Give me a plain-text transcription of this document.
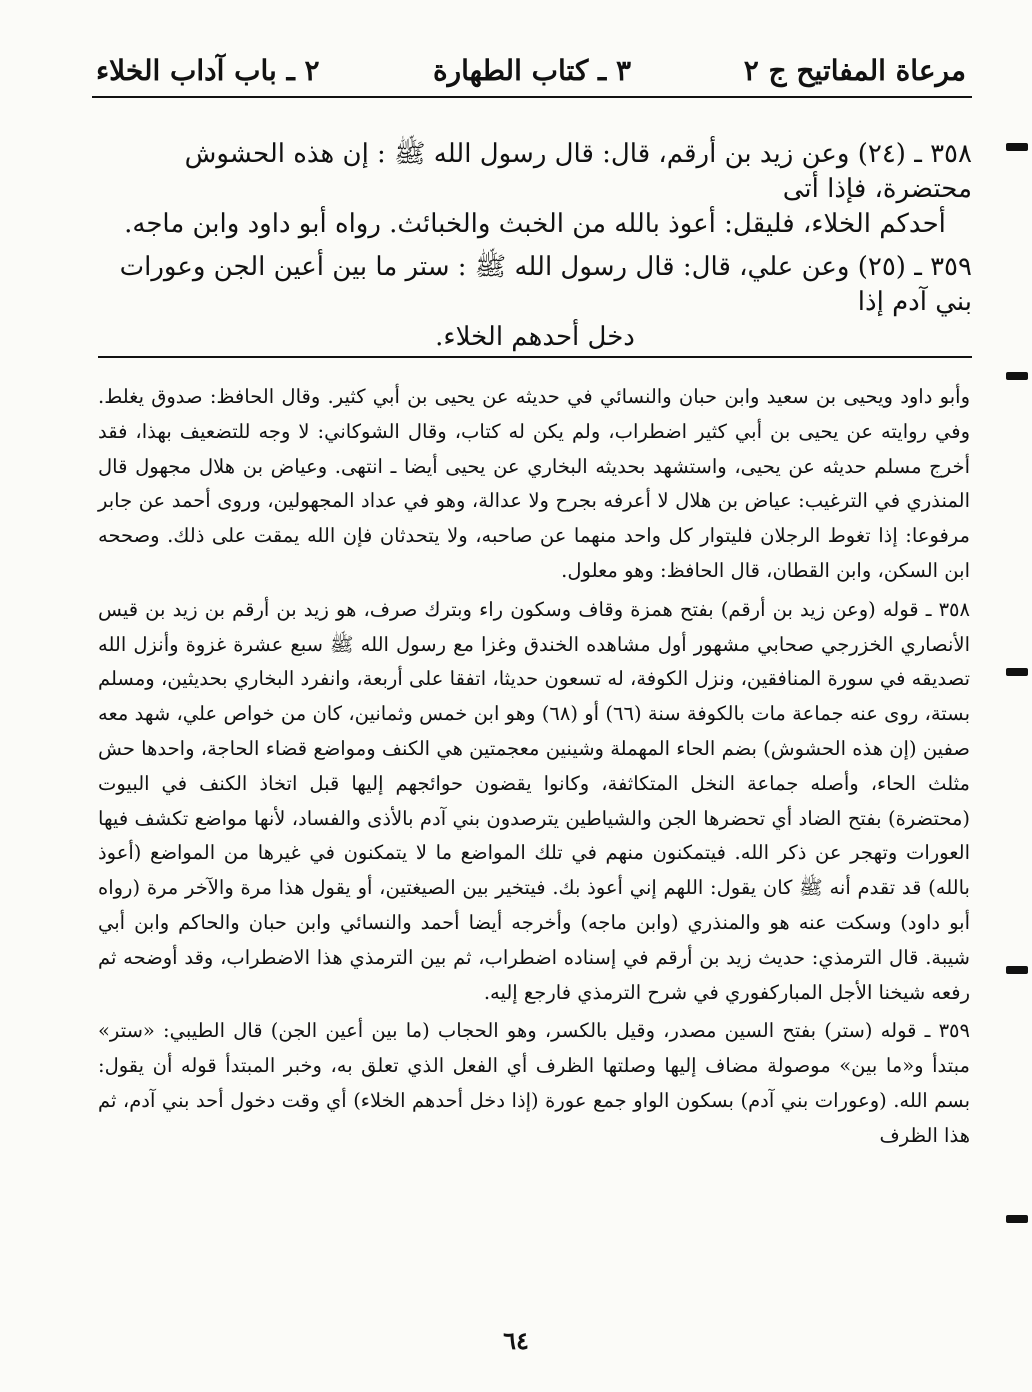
مرعاة المفاتيح ج ٢
٣ ـ كتاب الطهارة
٢ ـ باب آداب الخلاء

٣٥٨ ـ (٢٤) وعن زيد بن أرقم، قال: قال رسول الله ﷺ : إن هذه الحشوش محتضرة، فإذا أتى

أحدكم الخلاء، فليقل: أعوذ بالله من الخبث والخبائث. رواه أبو داود وابن ماجه.

٣٥٩ ـ (٢٥) وعن علي، قال: قال رسول الله ﷺ : ستر ما بين أعين الجن وعورات بني آدم إذا

دخل أحدهم الخلاء.

وأبو داود ويحيى بن سعيد وابن حبان والنسائي في حديثه عن يحيى بن أبي كثير. وقال الحافظ: صدوق يغلط. وفي روايته عن يحيى بن أبي كثير اضطراب، ولم يكن له كتاب، وقال الشوكاني: لا وجه للتضعيف بهذا، فقد أخرج مسلم حديثه عن يحيى، واستشهد بحديثه البخاري عن يحيى أيضا ـ انتهى. وعياض بن هلال مجهول قال المنذري في الترغيب: عياض بن هلال لا أعرفه بجرح ولا عدالة، وهو في عداد المجهولين، وروى أحمد عن جابر مرفوعا: إذا تغوط الرجلان فليتوار كل واحد منهما عن صاحبه، ولا يتحدثان فإن الله يمقت على ذلك. وصححه ابن السكن، وابن القطان، قال الحافظ: وهو معلول.

٣٥٨ ـ قوله (وعن زيد بن أرقم) بفتح همزة وقاف وسكون راء وبترك صرف، هو زيد بن أرقم بن زيد بن قيس الأنصاري الخزرجي صحابي مشهور أول مشاهده الخندق وغزا مع رسول الله ﷺ سبع عشرة غزوة وأنزل الله تصديقه في سورة المنافقين، ونزل الكوفة، له تسعون حديثا، اتفقا على أربعة، وانفرد البخاري بحديثين، ومسلم بستة، روى عنه جماعة مات بالكوفة سنة (٦٦) أو (٦٨) وهو ابن خمس وثمانين، كان من خواص علي، شهد معه صفين (إن هذه الحشوش) بضم الحاء المهملة وشينين معجمتين هي الكنف ومواضع قضاء الحاجة، واحدها حش مثلث الحاء، وأصله جماعة النخل المتكاثفة، وكانوا يقضون حوائجهم إليها قبل اتخاذ الكنف في البيوت (محتضرة) بفتح الضاد أي تحضرها الجن والشياطين يترصدون بني آدم بالأذى والفساد، لأنها مواضع تكشف فيها العورات وتهجر عن ذكر الله. فيتمكنون منهم في تلك المواضع ما لا يتمكنون في غيرها من المواضع (أعوذ بالله) قد تقدم أنه ﷺ كان يقول: اللهم إني أعوذ بك. فيتخير بين الصيغتين، أو يقول هذا مرة والآخر مرة (رواه أبو داود) وسكت عنه هو والمنذري (وابن ماجه) وأخرجه أيضا أحمد والنسائي وابن حبان والحاكم وابن أبي شيبة. قال الترمذي: حديث زيد بن أرقم في إسناده اضطراب، ثم بين الترمذي هذا الاضطراب، وقد أوضحه ثم رفعه شيخنا الأجل المباركفوري في شرح الترمذي فارجع إليه.

٣٥٩ ـ قوله (ستر) بفتح السين مصدر، وقيل بالكسر، وهو الحجاب (ما بين أعين الجن) قال الطيبي: «ستر» مبتدأ و«ما بين» موصولة مضاف إليها وصلتها الظرف أي الفعل الذي تعلق به، وخبر المبتدأ قوله أن يقول: بسم الله. (وعورات بني آدم) بسكون الواو جمع عورة (إذا دخل أحدهم الخلاء) أي وقت دخول أحد بني آدم، ثم هذا الظرف

٦٤
